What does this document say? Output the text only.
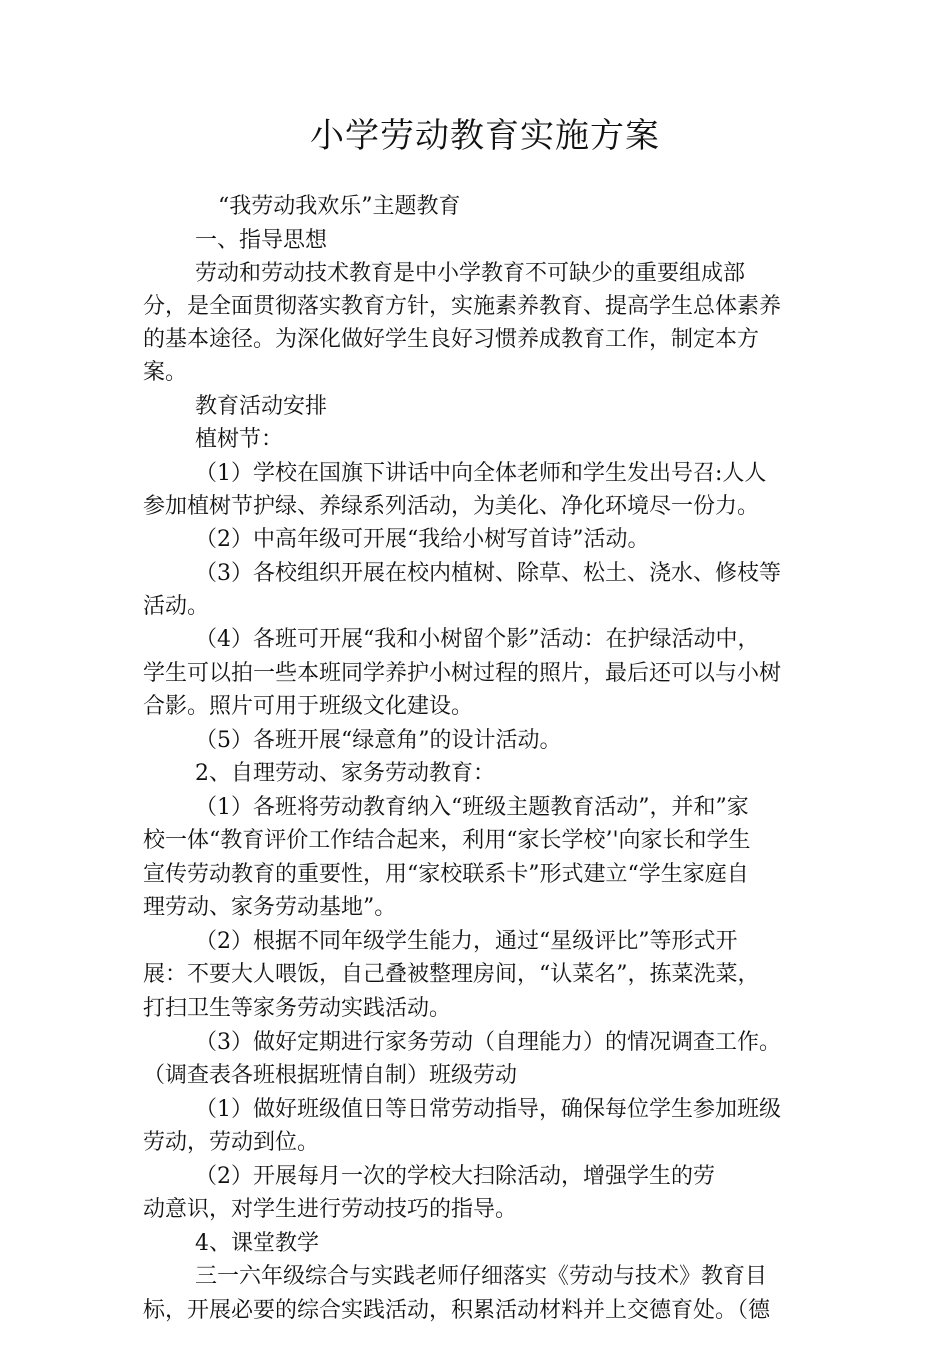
小学劳动教育实施方案
“我劳动我欢乐”主题教育
一、指导思想
劳动和劳动技术教育是中小学教育不可缺少的重要组成部
分，是全面贯彻落实教育方针，实施素养教育、提高学生总体素养
的基本途径。为深化做好学生良好习惯养成教育工作，制定本方
案。
教育活动安排
植树节：
（1）学校在国旗下讲话中向全体老师和学生发出号召:人人
参加植树节护绿、养绿系列活动，为美化、净化环境尽一份力。
（2）中高年级可开展“我给小树写首诗”活动。
（3）各校组织开展在校内植树、除草、松土、浇水、修枝等
活动。
（4）各班可开展“我和小树留个影”活动：在护绿活动中，
学生可以拍一些本班同学养护小树过程的照片，最后还可以与小树
合影。照片可用于班级文化建设。
（5）各班开展“绿意角”的设计活动。
2、自理劳动、家务劳动教育：
（1）各班将劳动教育纳入“班级主题教育活动”，并和”家
校一体“教育评价工作结合起来，利用“家长学校’'向家长和学生
宣传劳动教育的重要性，用“家校联系卡”形式建立“学生家庭自
理劳动、家务劳动基地”。
（2）根据不同年级学生能力，通过“星级评比”等形式开
展：不要大人喂饭，自己叠被整理房间，“认菜名”，拣菜洗菜，
打扫卫生等家务劳动实践活动。
（3）做好定期进行家务劳动（自理能力）的情况调查工作。
（调查表各班根据班情自制）班级劳动
（1）做好班级值日等日常劳动指导，确保每位学生参加班级
劳动，劳动到位。
（2）开展每月一次的学校大扫除活动，增强学生的劳
动意识，对学生进行劳动技巧的指导。
4、课堂教学
三一六年级综合与实践老师仔细落实《劳动与技术》教育目
标，开展必要的综合实践活动，积累活动材料并上交德育处。（德
